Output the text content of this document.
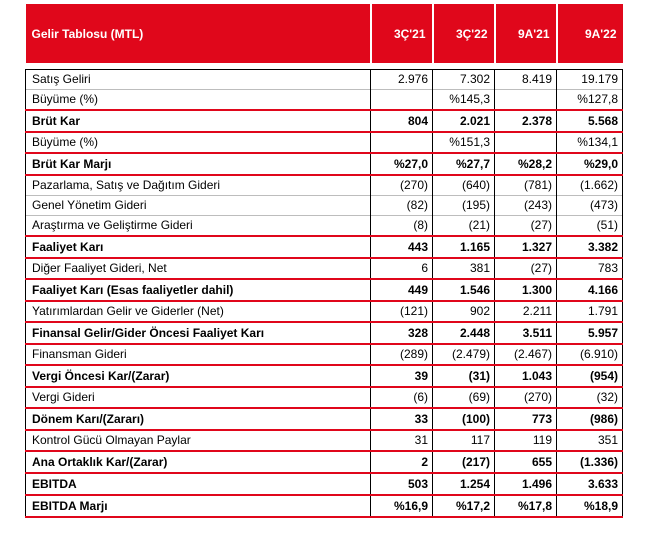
Gelir Tablosu (MTL)	3Ç'21	3Ç'22	9A'21	9A'22

Satış Geliri	2.976	7.302	8.419	19.179
Büyüme (%)		%145,3		%127,8
Brüt Kar	804	2.021	2.378	5.568
Büyüme (%)		%151,3		%134,1
Brüt Kar Marjı	%27,0	%27,7	%28,2	%29,0
Pazarlama, Satış ve Dağıtım Gideri	(270)	(640)	(781)	(1.662)
Genel Yönetim Gideri	(82)	(195)	(243)	(473)
Araştırma ve Geliştirme Gideri	(8)	(21)	(27)	(51)
Faaliyet Karı	443	1.165	1.327	3.382
Diğer Faaliyet Gideri, Net	6	381	(27)	783
Faaliyet Karı (Esas faaliyetler dahil)	449	1.546	1.300	4.166
Yatırımlardan Gelir ve Giderler (Net)	(121)	902	2.211	1.791
Finansal Gelir/Gider Öncesi Faaliyet Karı	328	2.448	3.511	5.957
Finansman Gideri	(289)	(2.479)	(2.467)	(6.910)
Vergi Öncesi Kar/(Zarar)	39	(31)	1.043	(954)
Vergi Gideri	(6)	(69)	(270)	(32)
Dönem Karı/(Zararı)	33	(100)	773	(986)
Kontrol Gücü Olmayan Paylar	31	117	119	351
Ana Ortaklık Kar/(Zarar)	2	(217)	655	(1.336)
EBITDA	503	1.254	1.496	3.633
EBITDA Marjı	%16,9	%17,2	%17,8	%18,9
